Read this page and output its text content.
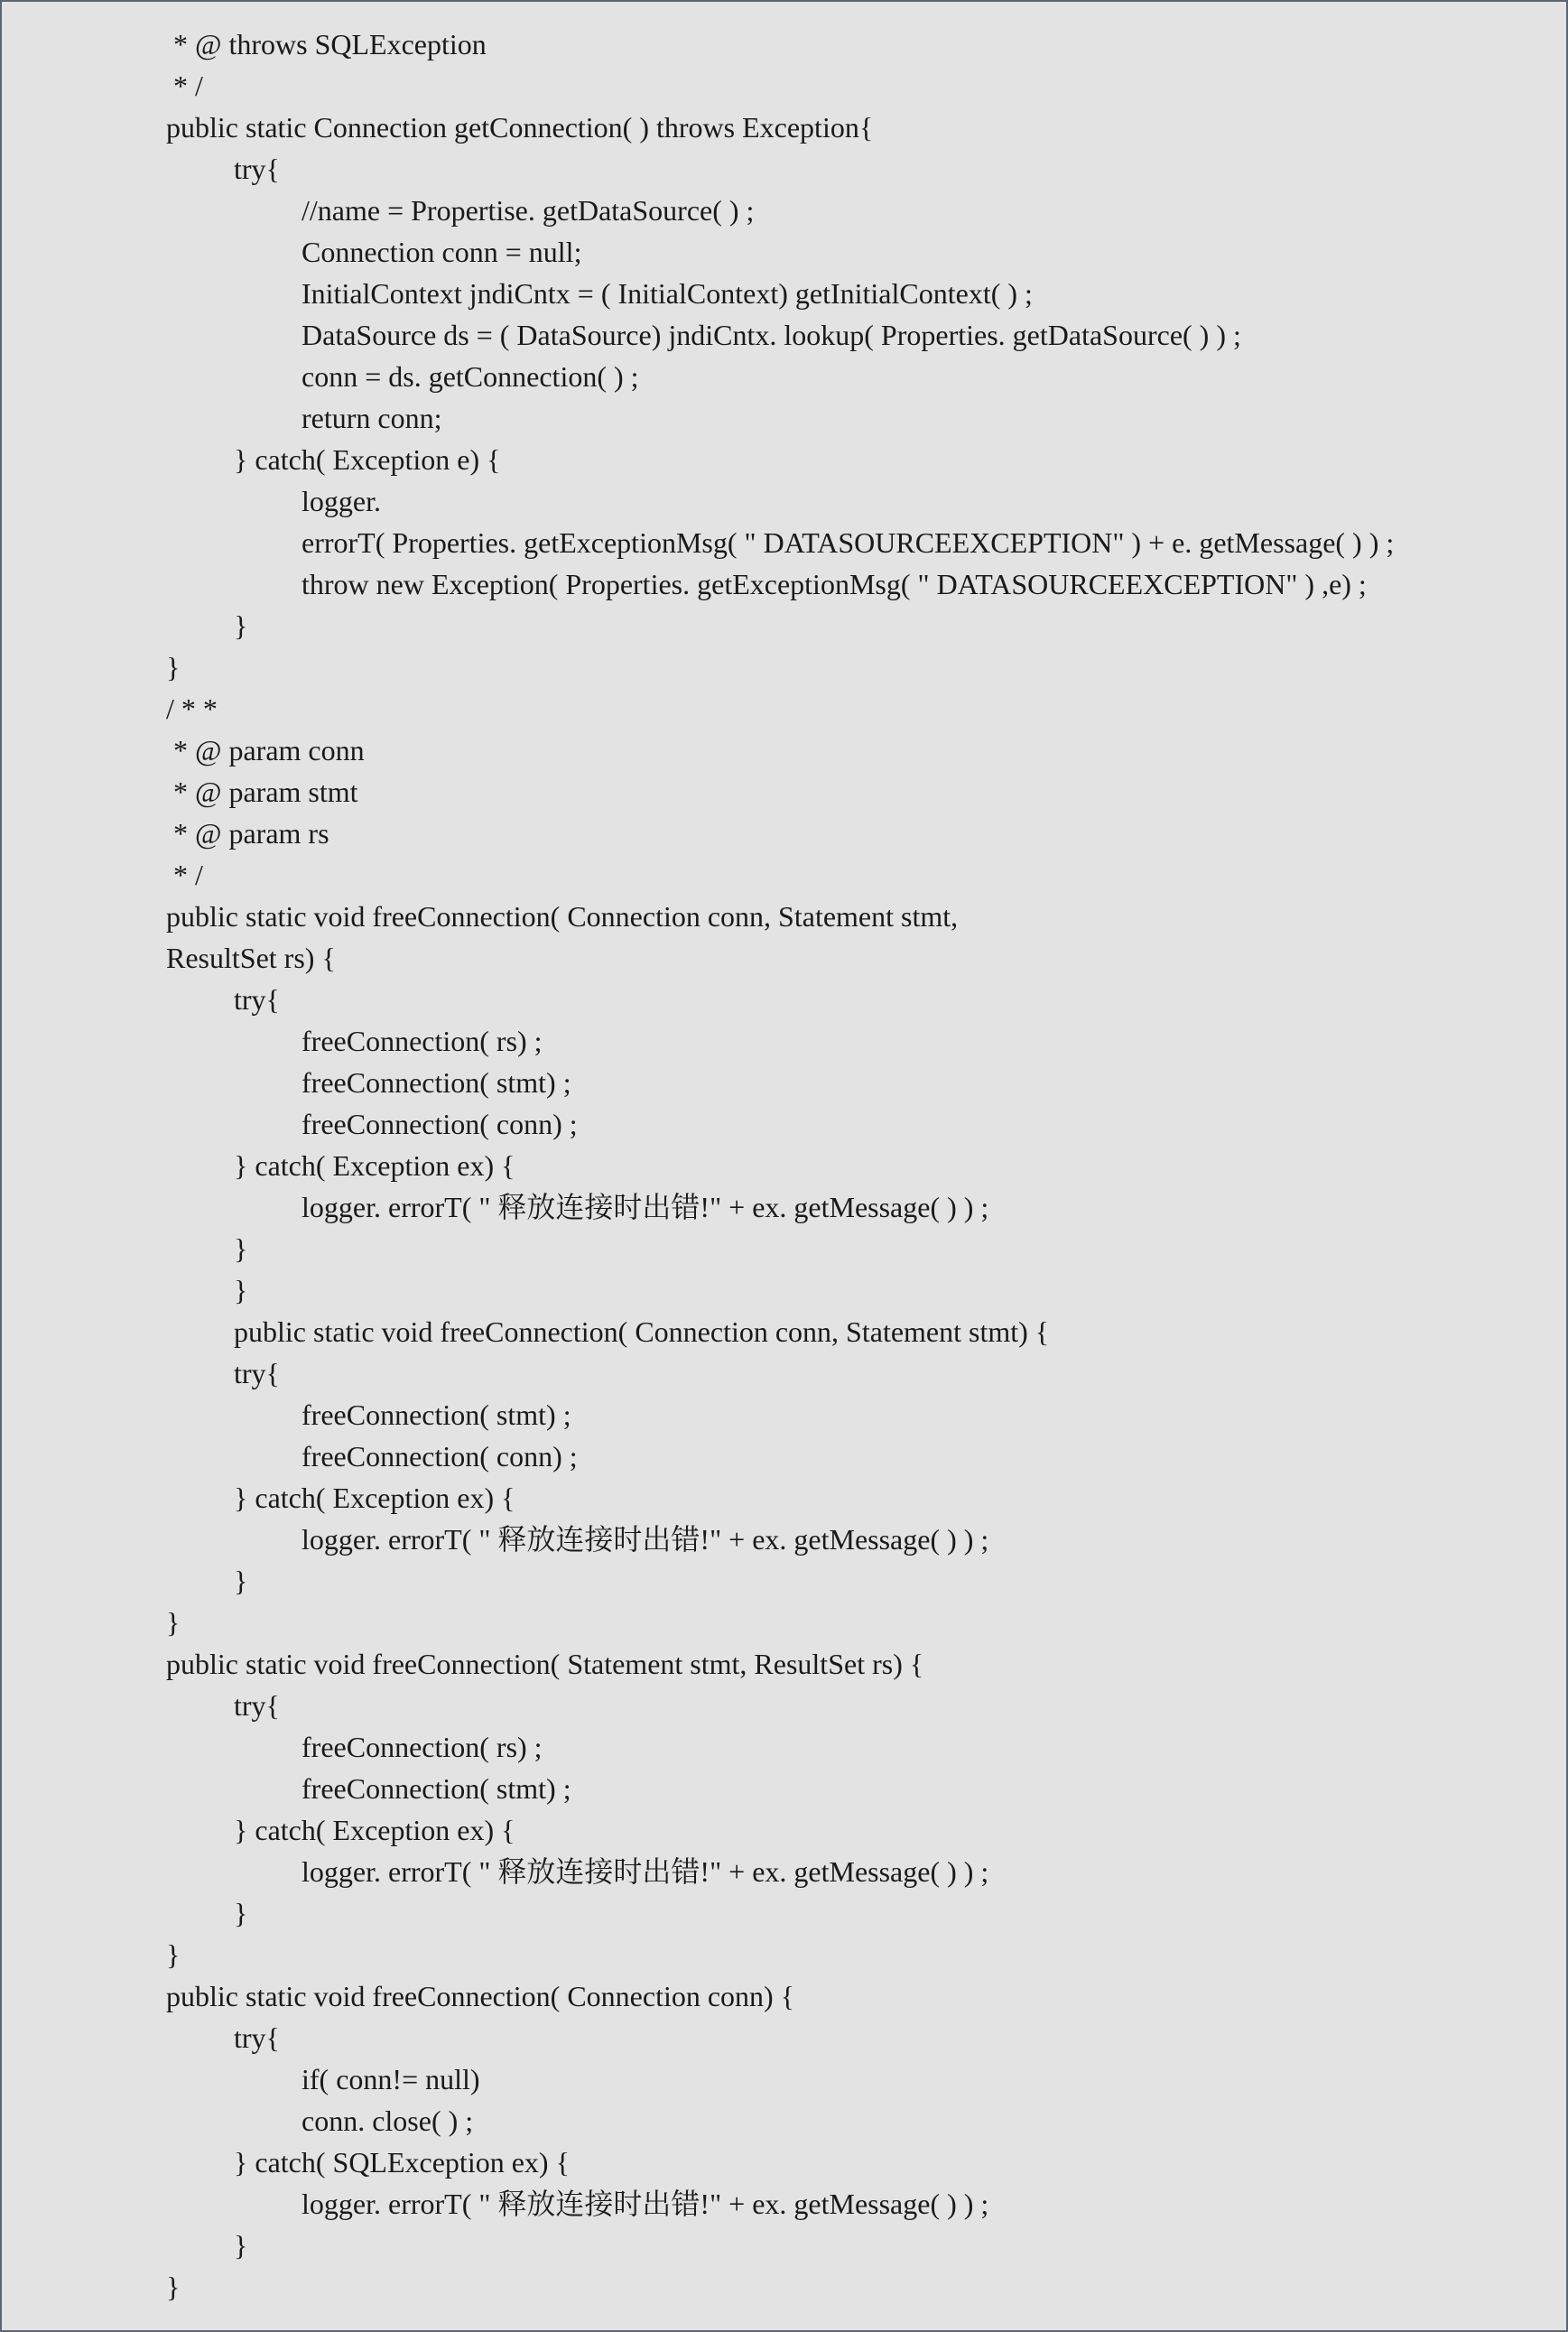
* @ throws SQLException
* /
public static Connection getConnection( ) throws Exception{
try{
//name = Propertise. getDataSource( ) ;
Connection conn = null;
InitialContext jndiCntx = ( InitialContext) getInitialContext( ) ;
DataSource ds = ( DataSource) jndiCntx. lookup( Properties. getDataSource( ) ) ;
conn = ds. getConnection( ) ;
return conn;
} catch( Exception e) {
logger.
errorT( Properties. getExceptionMsg( " DATASOURCEEXCEPTION" ) + e. getMessage( ) ) ;
throw new Exception( Properties. getExceptionMsg( " DATASOURCEEXCEPTION" ) ,e) ;
}
}
/ * *
* @ param conn
* @ param stmt
* @ param rs
* /
public static void freeConnection( Connection conn, Statement stmt,
ResultSet rs) {
try{
freeConnection( rs) ;
freeConnection( stmt) ;
freeConnection( conn) ;
} catch( Exception ex) {
logger. errorT( " 释放连接时出错!" + ex. getMessage( ) ) ;
}
}
public static void freeConnection( Connection conn, Statement stmt) {
try{
freeConnection( stmt) ;
freeConnection( conn) ;
} catch( Exception ex) {
logger. errorT( " 释放连接时出错!" + ex. getMessage( ) ) ;
}
}
public static void freeConnection( Statement stmt, ResultSet rs) {
try{
freeConnection( rs) ;
freeConnection( stmt) ;
} catch( Exception ex) {
logger. errorT( " 释放连接时出错!" + ex. getMessage( ) ) ;
}
}
public static void freeConnection( Connection conn) {
try{
if( conn!= null)
conn. close( ) ;
} catch( SQLException ex) {
logger. errorT( " 释放连接时出错!" + ex. getMessage( ) ) ;
}
}
